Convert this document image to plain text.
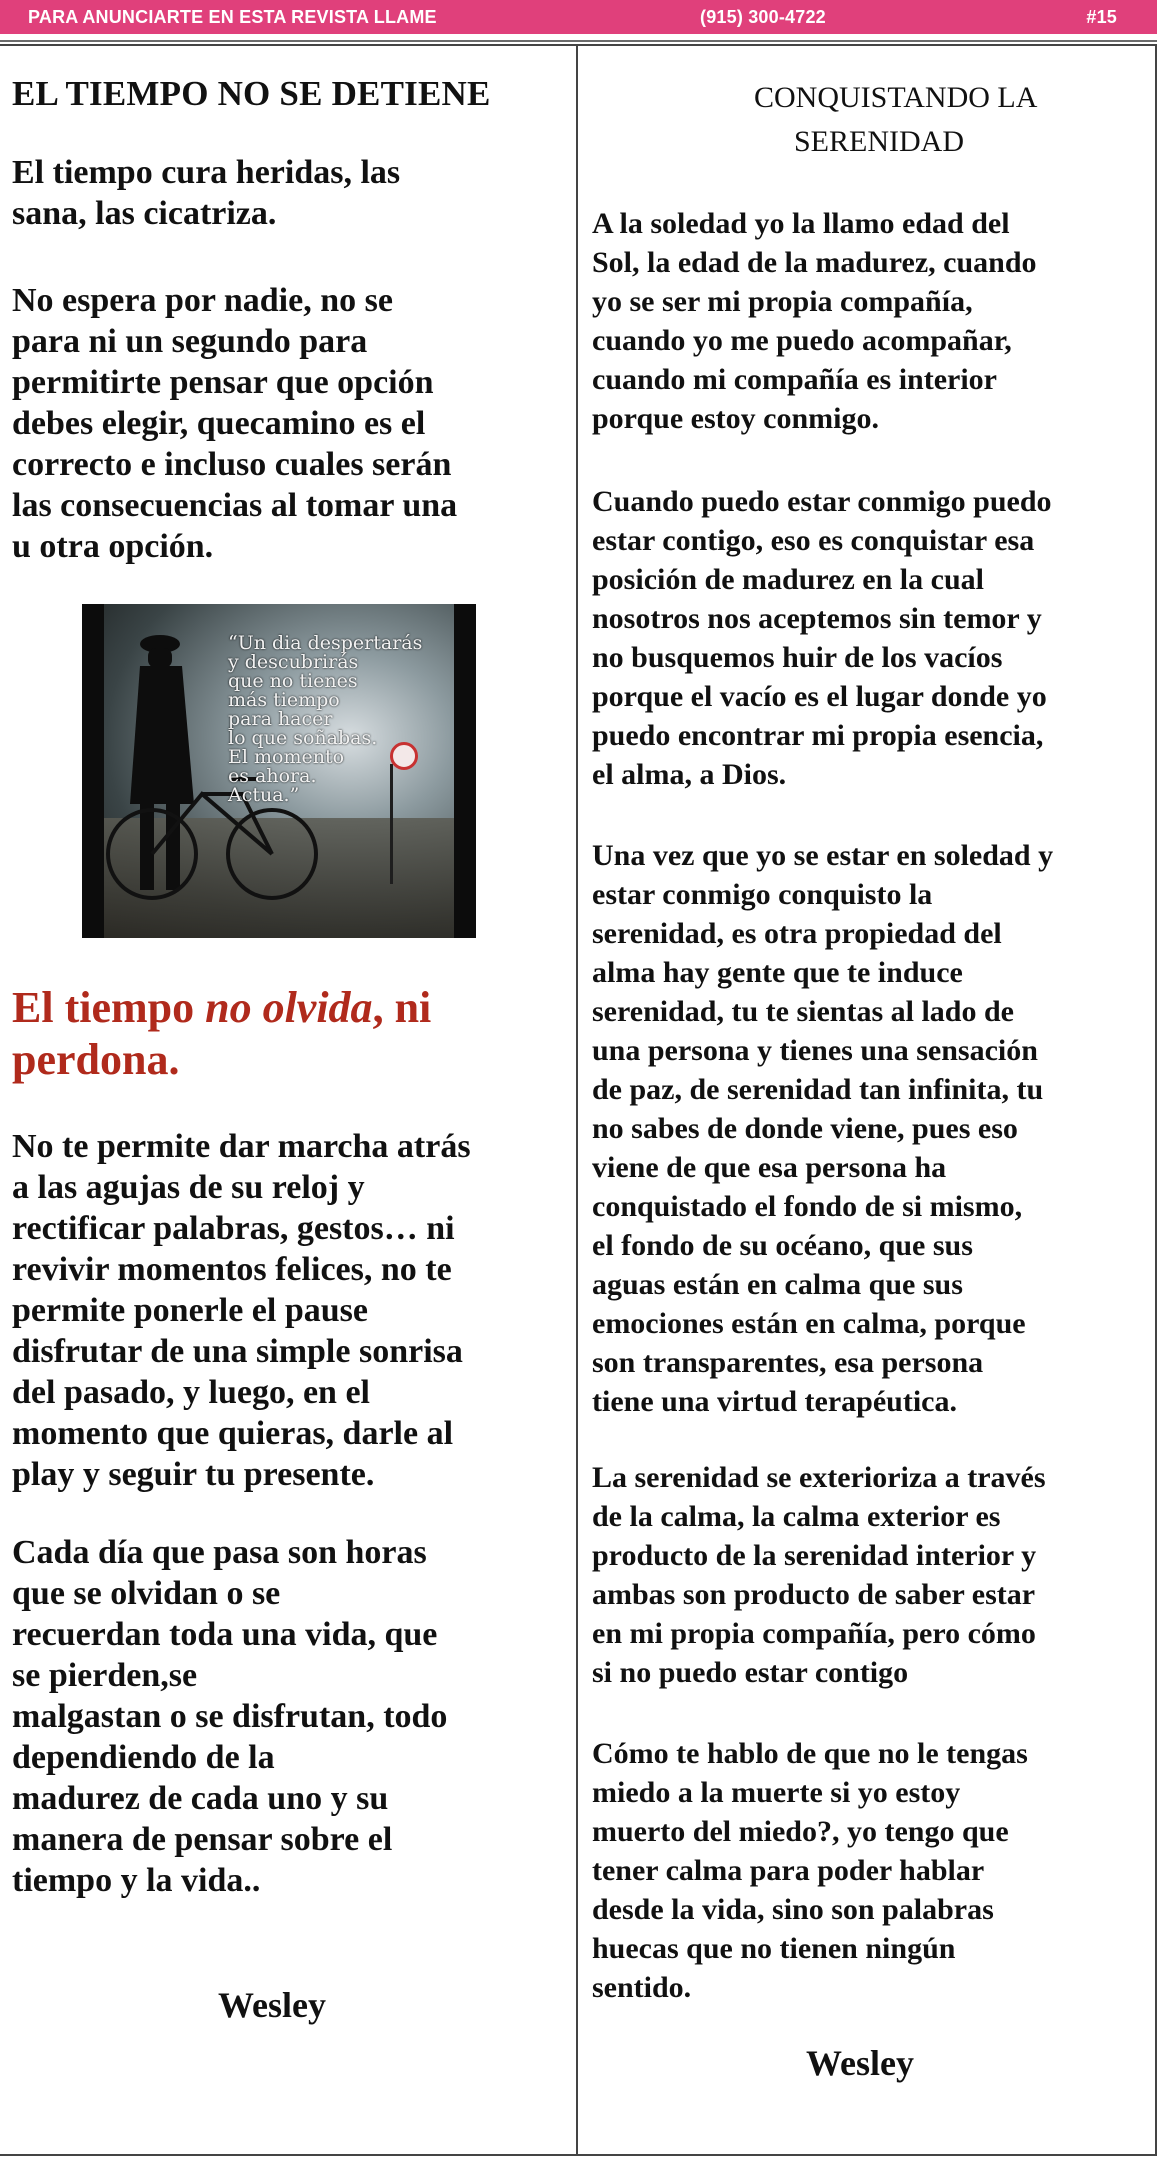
PARA ANUNCIARTE EN ESTA REVISTA LLAME	(915) 300-4722	#15
EL TIEMPO NO SE DETIENE
El tiempo cura heridas, las
sana, las cicatriza.
No espera por nadie, no se
para ni un segundo para
permitirte pensar que opción
debes elegir, quecamino es el
correcto e incluso cuales serán
las consecuencias al tomar una
u otra opción.
“Un dia despertarás
y descubrirás
que no tienes
más tiempo
para hacer
lo que soñabas.
El momento
es ahora.
Actua.”
El tiempo no olvida, ni
perdona.
No te permite dar marcha atrás
a las agujas de su reloj y
rectificar palabras, gestos… ni
revivir momentos felices, no te
permite ponerle el pause
disfrutar de una simple sonrisa
del pasado, y luego, en el
momento que quieras, darle al
play y seguir tu presente.
Cada día que pasa son horas
que se olvidan o se
recuerdan toda una vida, que
se pierden,se
malgastan o se disfrutan, todo
dependiendo de la
madurez de cada uno y su
manera de pensar sobre el
tiempo y la vida..
Wesley
CONQUISTANDO LA
SERENIDAD
A la soledad yo la llamo edad del
Sol, la edad de la madurez, cuando
yo se ser mi propia compañía,
cuando yo me puedo acompañar,
cuando mi compañía es interior
porque estoy conmigo.
Cuando puedo estar conmigo puedo
estar contigo, eso es conquistar esa
posición de madurez en la cual
nosotros nos aceptemos sin temor y
no busquemos huir de los vacíos
porque el vacío es el lugar donde yo
puedo encontrar mi propia esencia,
el alma, a Dios.
Una vez que yo se estar en soledad y
estar conmigo conquisto la
serenidad, es otra propiedad del
alma hay gente que te induce
serenidad, tu te sientas al lado de
una persona y tienes una sensación
de paz, de serenidad tan infinita, tu
no sabes de donde viene, pues eso
viene de que esa persona ha
conquistado el fondo de si mismo,
el fondo de su océano, que sus
aguas están en calma que sus
emociones están en calma, porque
son transparentes, esa persona
tiene una virtud terapéutica.
La serenidad se exterioriza a través
de la calma, la calma exterior es
producto de la serenidad interior y
ambas son producto de saber estar
en mi propia compañía, pero cómo
si no puedo estar contigo
Cómo te hablo de que no le tengas
miedo a la muerte si yo estoy
muerto del miedo?, yo tengo que
tener calma para poder hablar
desde la vida, sino son palabras
huecas que no tienen ningún
sentido.
Wesley
